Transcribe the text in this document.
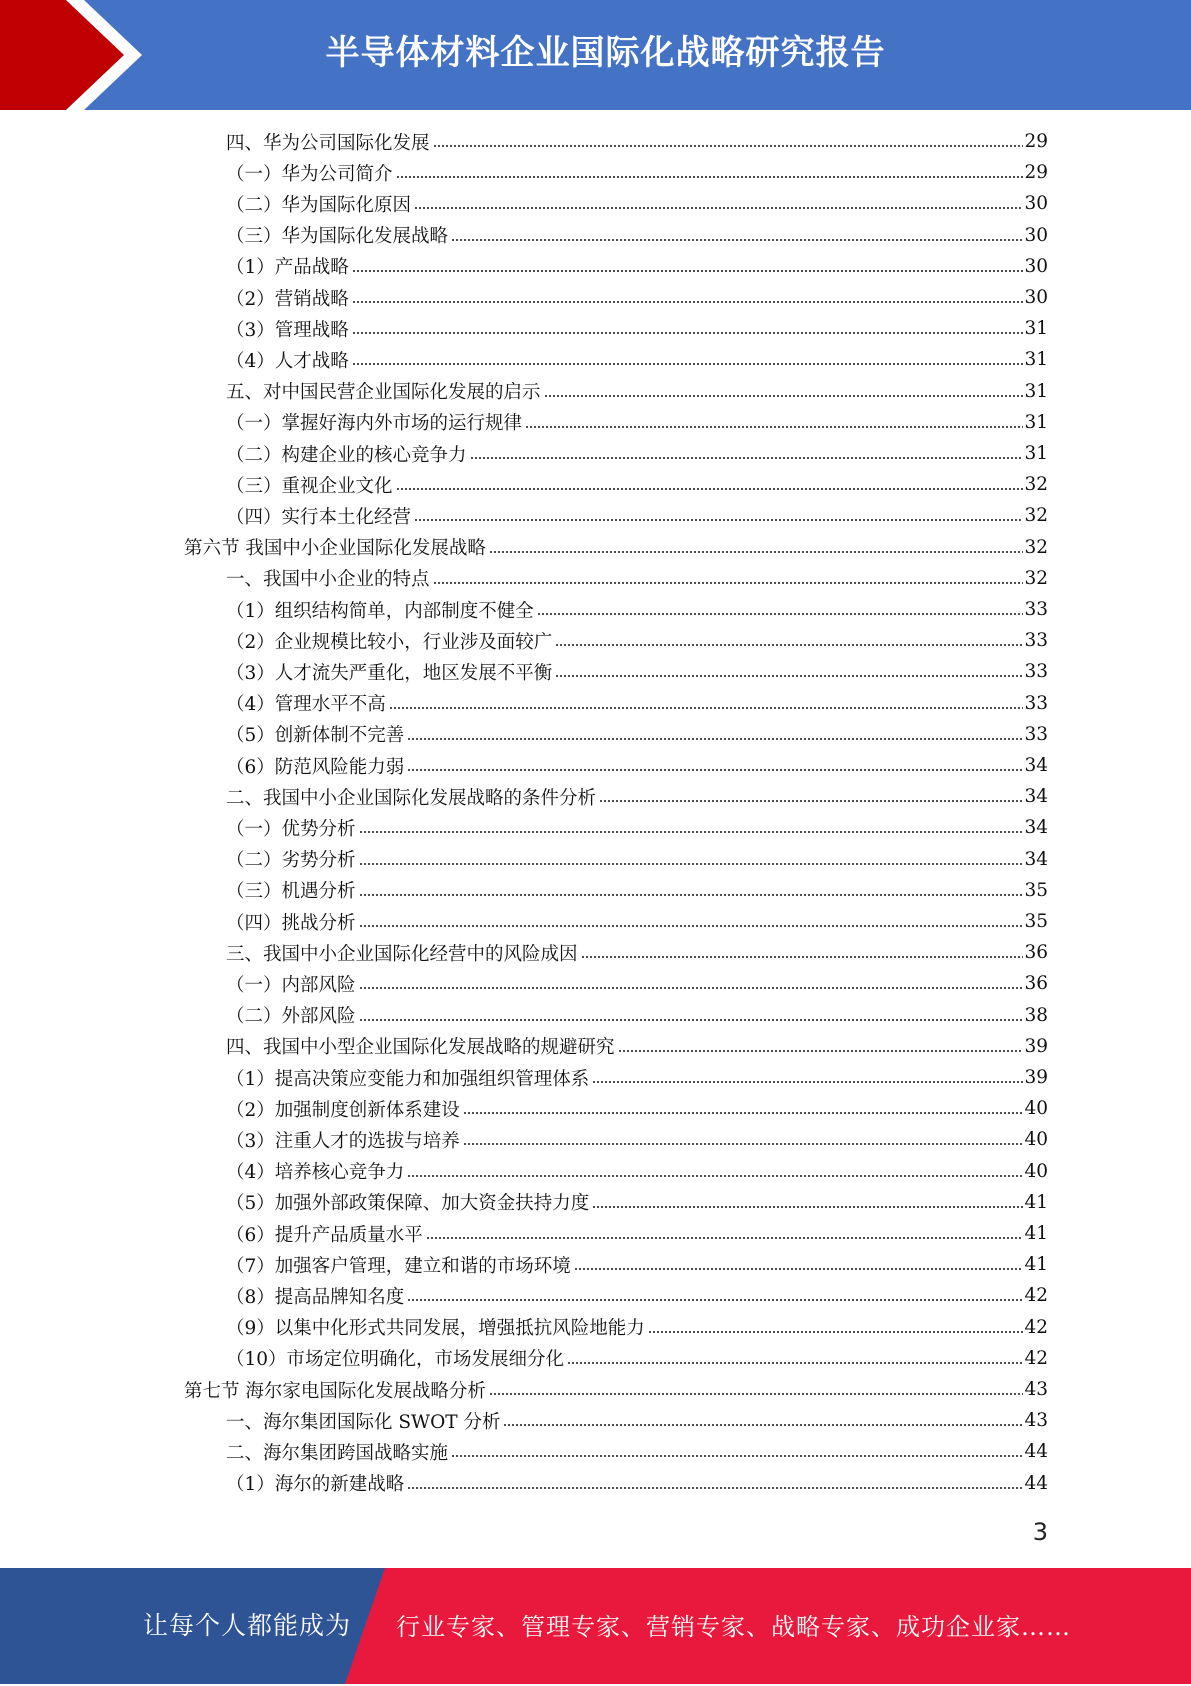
半导体材料企业国际化战略研究报告
四、华为公司国际化发展	29
（一）华为公司简介	29
（二）华为国际化原因	30
（三）华为国际化发展战略	30
（1）产品战略	30
（2）营销战略	30
（3）管理战略	31
（4）人才战略	31
五、对中国民营企业国际化发展的启示	31
（一）掌握好海内外市场的运行规律	31
（二）构建企业的核心竞争力	31
（三）重视企业文化	32
（四）实行本土化经营	32
第六节 我国中小企业国际化发展战略	32
一、我国中小企业的特点	32
（1）组织结构简单，内部制度不健全	33
（2）企业规模比较小，行业涉及面较广	33
（3）人才流失严重化，地区发展不平衡	33
（4）管理水平不高	33
（5）创新体制不完善	33
（6）防范风险能力弱	34
二、我国中小企业国际化发展战略的条件分析	34
（一）优势分析	34
（二）劣势分析	34
（三）机遇分析	35
（四）挑战分析	35
三、我国中小企业国际化经营中的风险成因	36
（一）内部风险	36
（二）外部风险	38
四、我国中小型企业国际化发展战略的规避研究	39
（1）提高决策应变能力和加强组织管理体系	39
（2）加强制度创新体系建设	40
（3）注重人才的选拔与培养	40
（4）培养核心竞争力	40
（5）加强外部政策保障、加大资金扶持力度	41
（6）提升产品质量水平	41
（7）加强客户管理，建立和谐的市场环境	41
（8）提高品牌知名度	42
（9）以集中化形式共同发展，增强抵抗风险地能力	42
（10）市场定位明确化，市场发展细分化	42
第七节 海尔家电国际化发展战略分析	43
一、海尔集团国际化 SWOT 分析	43
二、海尔集团跨国战略实施	44
（1）海尔的新建战略	44
3
让每个人都能成为 行业专家、管理专家、营销专家、战略专家、成功企业家……
